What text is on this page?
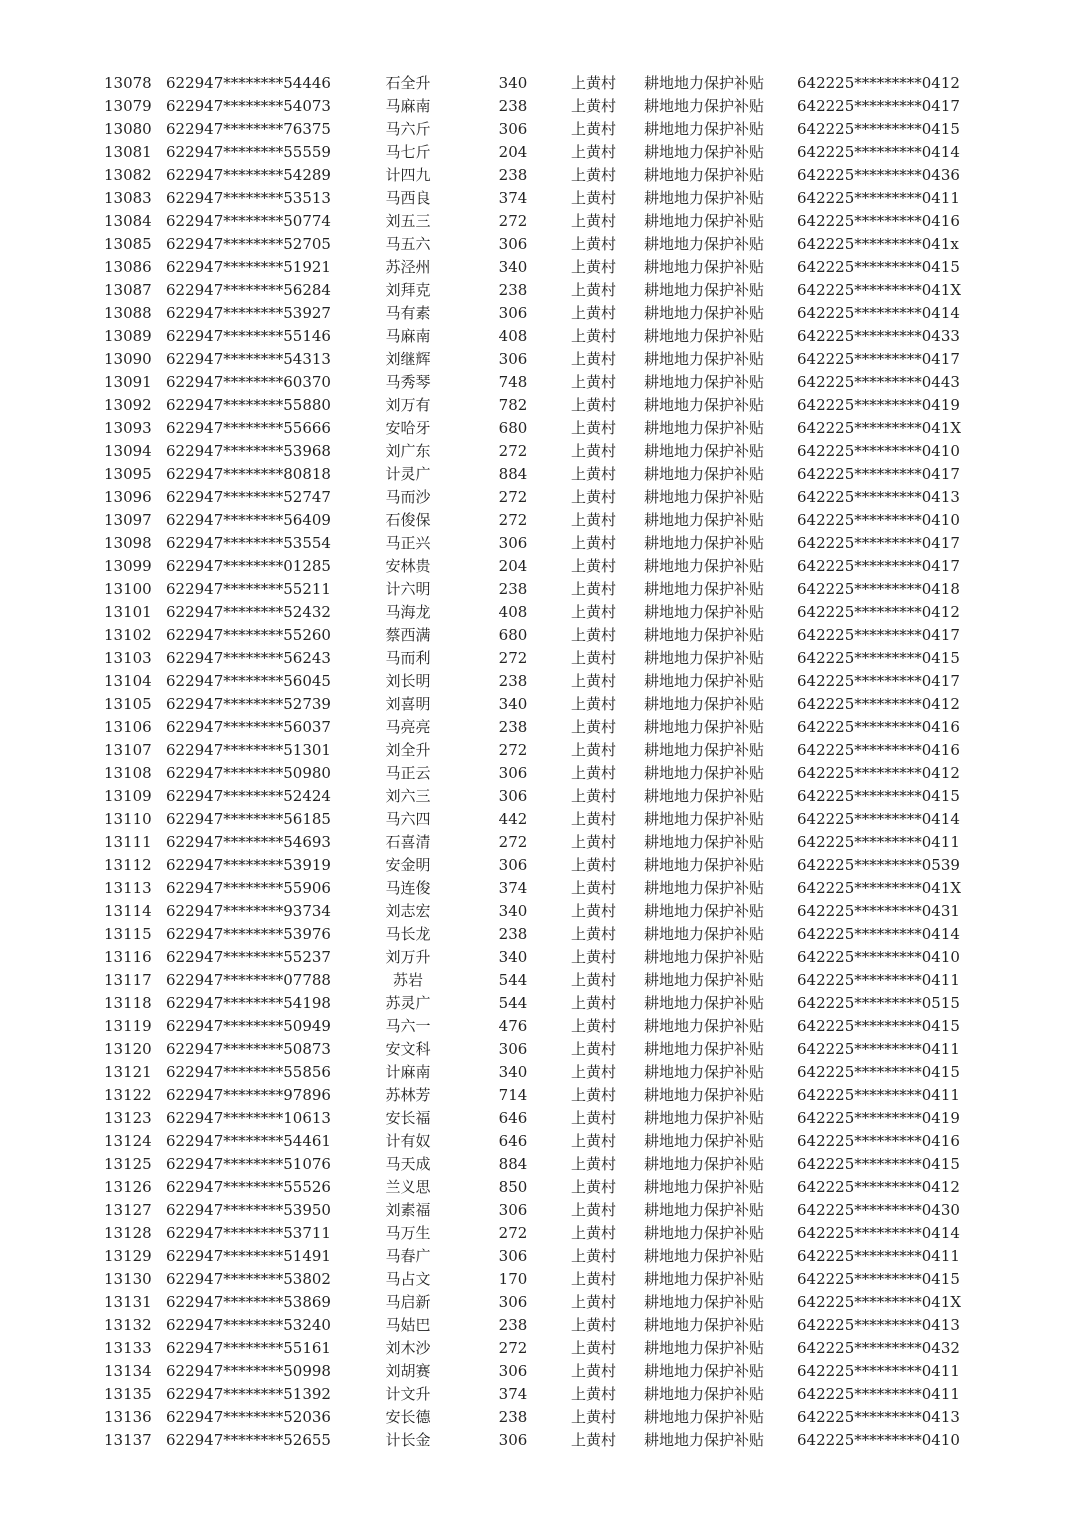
13078 622947********54446	石全升	340	上黄村	耕地地力保护补贴	642225*********0412
13079 622947********54073	马麻南	238	上黄村	耕地地力保护补贴	642225*********0417
13080 622947********76375	马六斤	306	上黄村	耕地地力保护补贴	642225*********0415
13081 622947********55559	马七斤	204	上黄村	耕地地力保护补贴	642225*********0414
13082 622947********54289	计四九	238	上黄村	耕地地力保护补贴	642225*********0436
13083 622947********53513	马西良	374	上黄村	耕地地力保护补贴	642225*********0411
13084 622947********50774	刘五三	272	上黄村	耕地地力保护补贴	642225*********0416
13085 622947********52705	马五六	306	上黄村	耕地地力保护补贴	642225*********041x
13086 622947********51921	苏泾州	340	上黄村	耕地地力保护补贴	642225*********0415
13087 622947********56284	刘拜克	238	上黄村	耕地地力保护补贴	642225*********041X
13088 622947********53927	马有素	306	上黄村	耕地地力保护补贴	642225*********0414
13089 622947********55146	马麻南	408	上黄村	耕地地力保护补贴	642225*********0433
13090 622947********54313	刘继辉	306	上黄村	耕地地力保护补贴	642225*********0417
13091 622947********60370	马秀琴	748	上黄村	耕地地力保护补贴	642225*********0443
13092 622947********55880	刘万有	782	上黄村	耕地地力保护补贴	642225*********0419
13093 622947********55666	安哈牙	680	上黄村	耕地地力保护补贴	642225*********041X
13094 622947********53968	刘广东	272	上黄村	耕地地力保护补贴	642225*********0410
13095 622947********80818	计灵广	884	上黄村	耕地地力保护补贴	642225*********0417
13096 622947********52747	马而沙	272	上黄村	耕地地力保护补贴	642225*********0413
13097 622947********56409	石俊保	272	上黄村	耕地地力保护补贴	642225*********0410
13098 622947********53554	马正兴	306	上黄村	耕地地力保护补贴	642225*********0417
13099 622947********01285	安林贵	204	上黄村	耕地地力保护补贴	642225*********0417
13100 622947********55211	计六明	238	上黄村	耕地地力保护补贴	642225*********0418
13101 622947********52432	马海龙	408	上黄村	耕地地力保护补贴	642225*********0412
13102 622947********55260	蔡西满	680	上黄村	耕地地力保护补贴	642225*********0417
13103 622947********56243	马而利	272	上黄村	耕地地力保护补贴	642225*********0415
13104 622947********56045	刘长明	238	上黄村	耕地地力保护补贴	642225*********0417
13105 622947********52739	刘喜明	340	上黄村	耕地地力保护补贴	642225*********0412
13106 622947********56037	马亮亮	238	上黄村	耕地地力保护补贴	642225*********0416
13107 622947********51301	刘全升	272	上黄村	耕地地力保护补贴	642225*********0416
13108 622947********50980	马正云	306	上黄村	耕地地力保护补贴	642225*********0412
13109 622947********52424	刘六三	306	上黄村	耕地地力保护补贴	642225*********0415
13110 622947********56185	马六四	442	上黄村	耕地地力保护补贴	642225*********0414
13111 622947********54693	石喜清	272	上黄村	耕地地力保护补贴	642225*********0411
13112 622947********53919	安金明	306	上黄村	耕地地力保护补贴	642225*********0539
13113 622947********55906	马连俊	374	上黄村	耕地地力保护补贴	642225*********041X
13114 622947********93734	刘志宏	340	上黄村	耕地地力保护补贴	642225*********0431
13115 622947********53976	马长龙	238	上黄村	耕地地力保护补贴	642225*********0414
13116 622947********55237	刘万升	340	上黄村	耕地地力保护补贴	642225*********0410
13117 622947********07788	苏岩	544	上黄村	耕地地力保护补贴	642225*********0411
13118 622947********54198	苏灵广	544	上黄村	耕地地力保护补贴	642225*********0515
13119 622947********50949	马六一	476	上黄村	耕地地力保护补贴	642225*********0415
13120 622947********50873	安文科	306	上黄村	耕地地力保护补贴	642225*********0411
13121 622947********55856	计麻南	340	上黄村	耕地地力保护补贴	642225*********0415
13122 622947********97896	苏林芳	714	上黄村	耕地地力保护补贴	642225*********0411
13123 622947********10613	安长福	646	上黄村	耕地地力保护补贴	642225*********0419
13124 622947********54461	计有奴	646	上黄村	耕地地力保护补贴	642225*********0416
13125 622947********51076	马天成	884	上黄村	耕地地力保护补贴	642225*********0415
13126 622947********55526	兰义思	850	上黄村	耕地地力保护补贴	642225*********0412
13127 622947********53950	刘素福	306	上黄村	耕地地力保护补贴	642225*********0430
13128 622947********53711	马万生	272	上黄村	耕地地力保护补贴	642225*********0414
13129 622947********51491	马春广	306	上黄村	耕地地力保护补贴	642225*********0411
13130 622947********53802	马占文	170	上黄村	耕地地力保护补贴	642225*********0415
13131 622947********53869	马启新	306	上黄村	耕地地力保护补贴	642225*********041X
13132 622947********53240	马姑巴	238	上黄村	耕地地力保护补贴	642225*********0413
13133 622947********55161	刘木沙	272	上黄村	耕地地力保护补贴	642225*********0432
13134 622947********50998	刘胡赛	306	上黄村	耕地地力保护补贴	642225*********0411
13135 622947********51392	计文升	374	上黄村	耕地地力保护补贴	642225*********0411
13136 622947********52036	安长德	238	上黄村	耕地地力保护补贴	642225*********0413
13137 622947********52655	计长金	306	上黄村	耕地地力保护补贴	642225*********0410
